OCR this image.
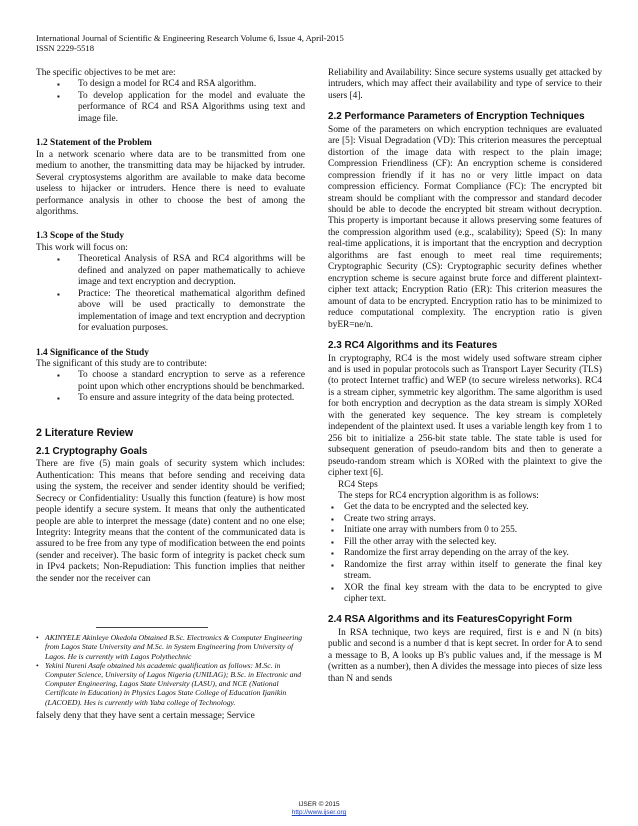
International Journal of Scientific & Engineering Research Volume 6, Issue 4, April-2015
ISSN 2229-5518

The specific objectives to be met are:

▪ To design a model for RC4 and RSA algorithm.
▪ To develop application for the model and evaluate the performance of RC4 and RSA Algorithms using text and image file.
1.2 Statement of the Problem

In a network scenario where data are to be transmitted from one medium to another, the transmitting data may be hijacked by intruder. Several cryptosystems algorithm are available to make data become useless to hijacker or intruders. Hence there is need to evaluate performance analysis in other to choose the best of among the algorithms.

1.3 Scope of the Study

This work will focus on:

▪ Theoretical Analysis of RSA and RC4 algorithms will be defined and analyzed on paper mathematically to achieve image and text encryption and decryption.
▪ Practice: The theoretical mathematical algorithm defined above will be used practically to demonstrate the implementation of image and text encryption and decryption for evaluation purposes.
1.4 Significance of the Study

The significant of this study are to contribute:

▪ To choose a standard encryption to serve as a reference point upon which other encryptions should be benchmarked.
▪ To ensure and assure integrity of the data being protected.
2 Literature Review
2.1 Cryptography Goals

There are five (5) main goals of security system which includes: Authentication: This means that before sending and receiving data using the system, the receiver and sender identity should be verified; Secrecy or Confidentiality: Usually this function (feature) is how most people identify a secure system. It means that only the authenticated people are able to interpret the message (date) content and no one else; Integrity: Integrity means that the content of the communicated data is assured to be free from any type of modification between the end points (sender and receiver). The basic form of integrity is packet check sum in IPv4 packets; Non-Repudiation: This function implies that neither the sender nor the receiver can

• AKINYELE Akinleye Okedola Obtained B.Sc. Electronics & Computer Engineering from Lagos State University and M.Sc. in System Engineering from University of Lagos. He is currently with Lagos Polythechnic
• Yekini Nureni Asafe obtained his academic qualification as follows: M.Sc. in Computer Science, University of Lagos Nigeria (UNILAG); B.Sc. in Electronic and Computer Engineering, Lagos State University (LASU), and NCE (National Certificate in Education) in Physics Lagos State College of Education Ijanikin (LACOED). Hes is currently with Yaba college of Technology.

falsely deny that they have sent a certain message; Service

Reliability and Availability: Since secure systems usually get attacked by intruders, which may affect their availability and type of service to their users [4].

2.2 Performance Parameters of Encryption Techniques

Some of the parameters on which encryption techniques are evaluated are [5]: Visual Degradation (VD): This criterion measures the perceptual distortion of the image data with respect to the plain image; Compression Friendliness (CF): An encryption scheme is considered compression friendly if it has no or very little impact on data compression efficiency. Format Compliance (FC): The encrypted bit stream should be compliant with the compressor and standard decoder should be able to decode the encrypted bit stream without decryption. This property is important because it allows preserving some features of the compression algorithm used (e.g., scalability); Speed (S): In many real-time applications, it is important that the encryption and decryption algorithms are fast enough to meet real time requirements; Cryptographic Security (CS): Cryptographic security defines whether encryption scheme is secure against brute force and different plaintext-cipher text attack; Encryption Ratio (ER): This criterion measures the amount of data to be encrypted. Encryption ratio has to be minimized to reduce computational complexity. The encryption ratio is given byER=ne/n.

2.3 RC4 Algorithms and its Features

In cryptography, RC4 is the most widely used software stream cipher and is used in popular protocols such as Transport Layer Security (TLS) (to protect Internet traffic) and WEP (to secure wireless networks). RC4 is a stream cipher, symmetric key algorithm. The same algorithm is used for both encryption and decryption as the data stream is simply XORed with the generated key sequence. The key stream is completely independent of the plaintext used. It uses a variable length key from 1 to 256 bit to initialize a 256-bit state table. The state table is used for subsequent generation of pseudo-random bits and then to generate a pseudo-random stream which is XORed with the plaintext to give the cipher text [6].

RC4 Steps

The steps for RC4 encryption algorithm is as follows:

▪ Get the data to be encrypted and the selected key.
▪ Create two string arrays.
▪ Initiate one array with numbers from 0 to 255.
▪ Fill the other array with the selected key.
▪ Randomize the first array depending on the array of the key.
▪ Randomize the first array within itself to generate the final key stream.
▪ XOR the final key stream with the data to be encrypted to give cipher text.
2.4 RSA Algorithms and its FeaturesCopyright Form

In RSA technique, two keys are required, first is e and N (n bits) public and second is a number d that is kept secret. In order for A to send a message to B, A looks up B's public values and, if the message is M (written as a number), then A divides the message into pieces of size less than N and sends

IJSER © 2015
http://www.ijser.org
